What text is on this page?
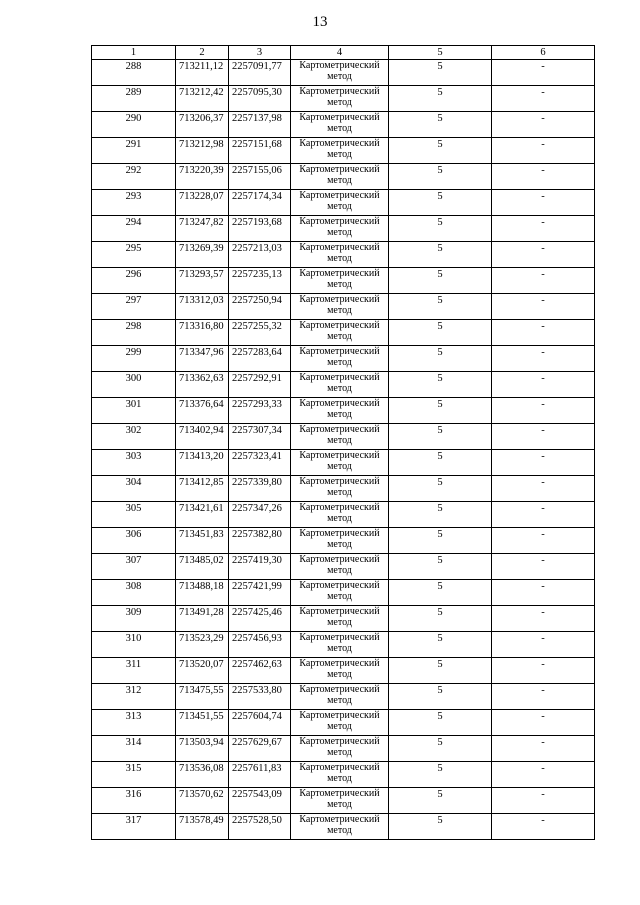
13
1	2	3	4	5	6
288	713211,12	2257091,77	Картометрический метод	5	-
289	713212,42	2257095,30	Картометрический метод	5	-
290	713206,37	2257137,98	Картометрический метод	5	-
291	713212,98	2257151,68	Картометрический метод	5	-
292	713220,39	2257155,06	Картометрический метод	5	-
293	713228,07	2257174,34	Картометрический метод	5	-
294	713247,82	2257193,68	Картометрический метод	5	-
295	713269,39	2257213,03	Картометрический метод	5	-
296	713293,57	2257235,13	Картометрический метод	5	-
297	713312,03	2257250,94	Картометрический метод	5	-
298	713316,80	2257255,32	Картометрический метод	5	-
299	713347,96	2257283,64	Картометрический метод	5	-
300	713362,63	2257292,91	Картометрический метод	5	-
301	713376,64	2257293,33	Картометрический метод	5	-
302	713402,94	2257307,34	Картометрический метод	5	-
303	713413,20	2257323,41	Картометрический метод	5	-
304	713412,85	2257339,80	Картометрический метод	5	-
305	713421,61	2257347,26	Картометрический метод	5	-
306	713451,83	2257382,80	Картометрический метод	5	-
307	713485,02	2257419,30	Картометрический метод	5	-
308	713488,18	2257421,99	Картометрический метод	5	-
309	713491,28	2257425,46	Картометрический метод	5	-
310	713523,29	2257456,93	Картометрический метод	5	-
311	713520,07	2257462,63	Картометрический метод	5	-
312	713475,55	2257533,80	Картометрический метод	5	-
313	713451,55	2257604,74	Картометрический метод	5	-
314	713503,94	2257629,67	Картометрический метод	5	-
315	713536,08	2257611,83	Картометрический метод	5	-
316	713570,62	2257543,09	Картометрический метод	5	-
317	713578,49	2257528,50	Картометрический метод	5	-
